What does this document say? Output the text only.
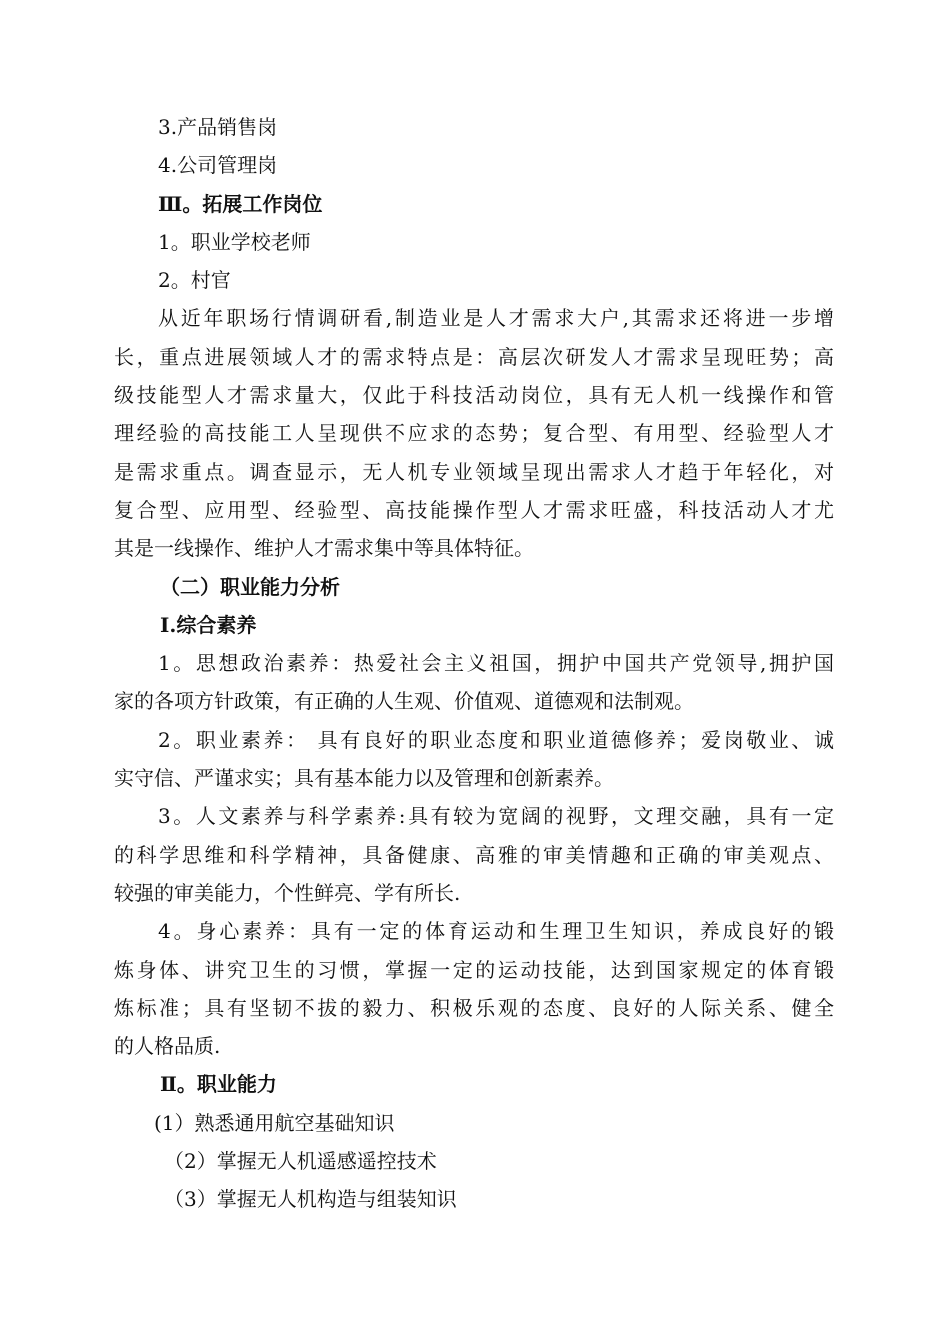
3.产品销售岗
4.公司管理岗
Ⅲ。拓展工作岗位
1。职业学校老师
2。村官
从近年职场行情调研看,制造业是人才需求大户,其需求还将进一步增
长，重点进展领域人才的需求特点是：高层次研发人才需求呈现旺势；高
级技能型人才需求量大，仅此于科技活动岗位，具有无人机一线操作和管
理经验的高技能工人呈现供不应求的态势；复合型、有用型、经验型人才
是需求重点。调查显示，无人机专业领域呈现出需求人才趋于年轻化，对
复合型、应用型、经验型、高技能操作型人才需求旺盛，科技活动人才尤
其是一线操作、维护人才需求集中等具体特征。
（二）职业能力分析
Ⅰ.综合素养
1。思想政治素养：热爱社会主义祖国，拥护中国共产党领导,拥护国
家的各项方针政策，有正确的人生观、价值观、道德观和法制观。
2。职业素养： 具有良好的职业态度和职业道德修养；爱岗敬业、诚
实守信、严谨求实；具有基本能力以及管理和创新素养。
3。人文素养与科学素养:具有较为宽阔的视野，文理交融，具有一定
的科学思维和科学精神，具备健康、高雅的审美情趣和正确的审美观点、
较强的审美能力，个性鲜亮、学有所长.
4。身心素养：具有一定的体育运动和生理卫生知识，养成良好的锻
炼身体、讲究卫生的习惯，掌握一定的运动技能，达到国家规定的体育锻
炼标准；具有坚韧不拔的毅力、积极乐观的态度、良好的人际关系、健全
的人格品质.
Ⅱ。职业能力
(1）熟悉通用航空基础知识
（2）掌握无人机遥感遥控技术
（3）掌握无人机构造与组装知识
